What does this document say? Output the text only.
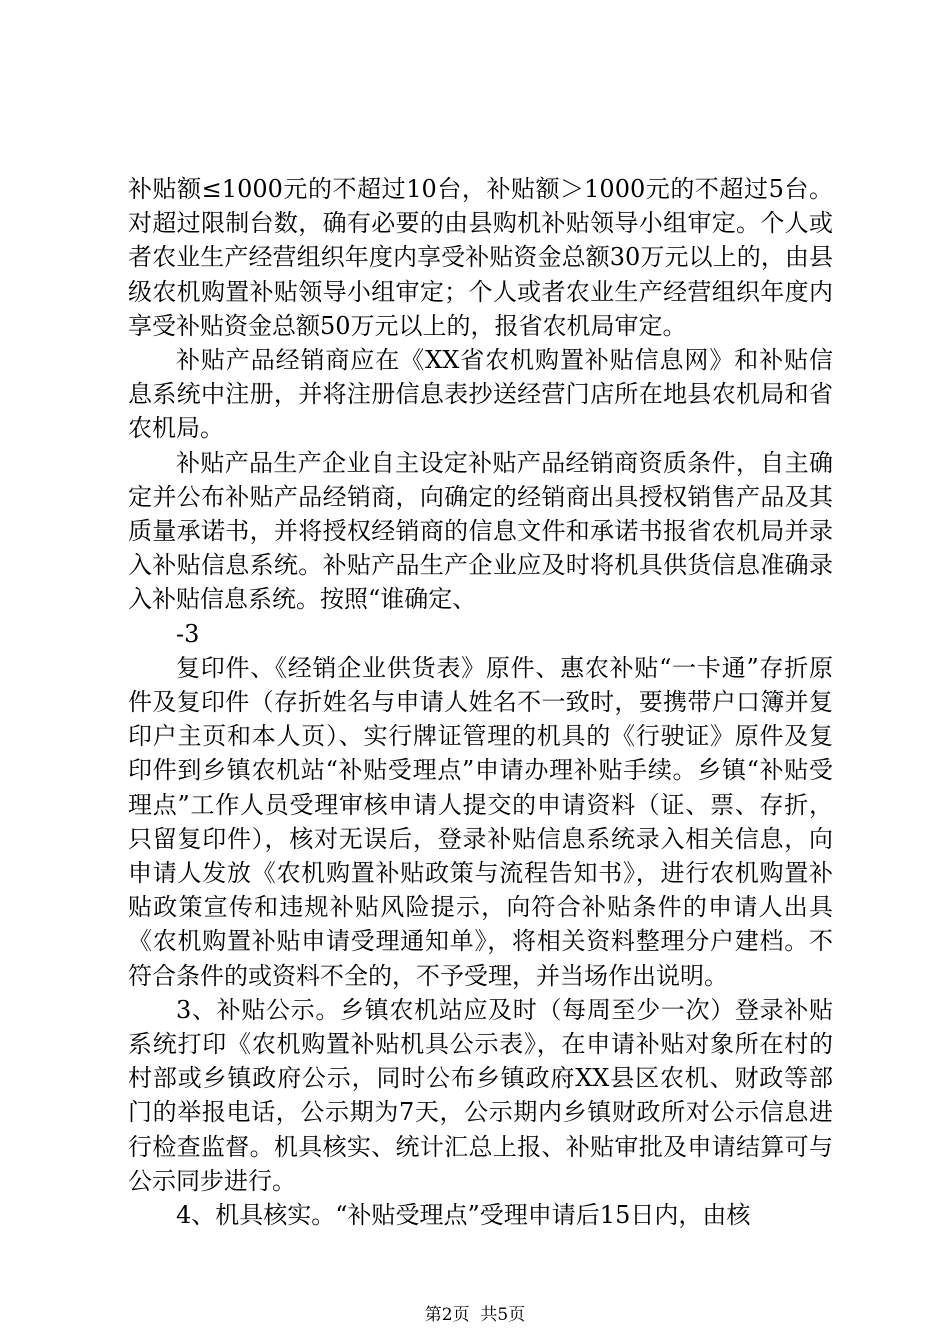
补贴额≤1000元的不超过10台，补贴额＞1000元的不超过5台。对超过限制台数，确有必要的由县购机补贴领导小组审定。个人或者农业生产经营组织年度内享受补贴资金总额30万元以上的，由县级农机购置补贴领导小组审定；个人或者农业生产经营组织年度内享受补贴资金总额50万元以上的，报省农机局审定。

补贴产品经销商应在《XX省农机购置补贴信息网》和补贴信息系统中注册，并将注册信息表抄送经营门店所在地县农机局和省农机局。

补贴产品生产企业自主设定补贴产品经销商资质条件，自主确定并公布补贴产品经销商，向确定的经销商出具授权销售产品及其质量承诺书，并将授权经销商的信息文件和承诺书报省农机局并录入补贴信息系统。补贴产品生产企业应及时将机具供货信息准确录入补贴信息系统。按照“谁确定、

-3

复印件、《经销企业供货表》原件、惠农补贴“一卡通”存折原件及复印件（存折姓名与申请人姓名不一致时，要携带户口簿并复印户主页和本人页）、实行牌证管理的机具的《行驶证》原件及复印件到乡镇农机站“补贴受理点”申请办理补贴手续。乡镇“补贴受理点”工作人员受理审核申请人提交的申请资料（证、票、存折，只留复印件），核对无误后，登录补贴信息系统录入相关信息，向申请人发放《农机购置补贴政策与流程告知书》，进行农机购置补贴政策宣传和违规补贴风险提示，向符合补贴条件的申请人出具《农机购置补贴申请受理通知单》，将相关资料整理分户建档。不符合条件的或资料不全的，不予受理，并当场作出说明。

3、补贴公示。乡镇农机站应及时（每周至少一次）登录补贴系统打印《农机购置补贴机具公示表》，在申请补贴对象所在村的村部或乡镇政府公示，同时公布乡镇政府XX县区农机、财政等部门的举报电话，公示期为7天，公示期内乡镇财政所对公示信息进行检查监督。机具核实、统计汇总上报、补贴审批及申请结算可与公示同步进行。

4、机具核实。“补贴受理点”受理申请后15日内，由核

第2页  共5页
